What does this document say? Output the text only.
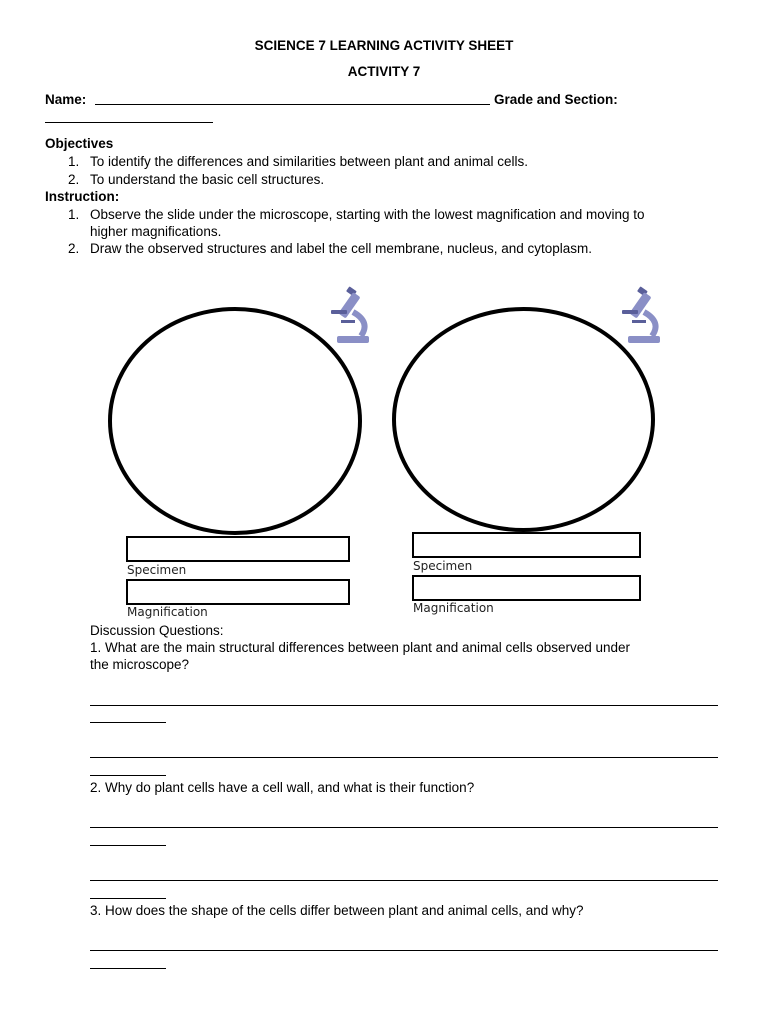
SCIENCE 7 LEARNING ACTIVITY SHEET
ACTIVITY 7
Name:	Grade and Section:
Objectives
1. To identify the differences and similarities between plant and animal cells.
2. To understand the basic cell structures.
Instruction:
1. Observe the slide under the microscope, starting with the lowest magnification and moving to
higher magnifications.
2. Draw the observed structures and label the cell membrane, nucleus, and cytoplasm.
Specimen
Magnification
Specimen
Magnification
Discussion Questions:
1. What are the main structural differences between plant and animal cells observed under
the microscope?
2. Why do plant cells have a cell wall, and what is their function?
3. How does the shape of the cells differ between plant and animal cells, and why?
